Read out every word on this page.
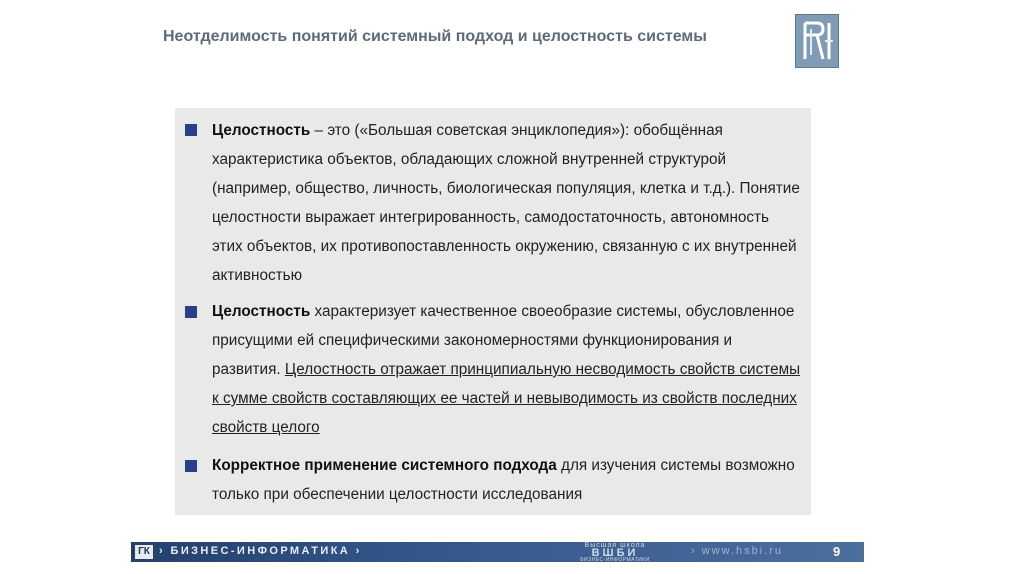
Неотделимость понятий системный подход и целостность системы
Целостность – это («Большая советская энциклопедия»): обобщённая характеристика объектов, обладающих сложной внутренней структурой (например, общество, личность, биологическая популяция, клетка и т.д.). Понятие целостности выражает интегрированность, самодостаточность, автономность этих объектов, их противопоставленность окружению, связанную с их внутренней активностью
Целостность характеризует качественное своеобразие системы, обусловленное присущими ей специфическими закономерностями функционирования и развития. Целостность отражает принципиальную несводимость свойств системы к сумме свойств составляющих ее частей и невыводимость из свойств последних свойств целого
Корректное применение системного подхода для изучения системы возможно только при обеспечении целостности исследования
ГК › БИЗНЕС-ИНФОРМАТИКА ›	Высшая школа
ВШБИ
БИЗНЕС-ИНФОРМАТИКИ
› www.hsbi.ru	9
